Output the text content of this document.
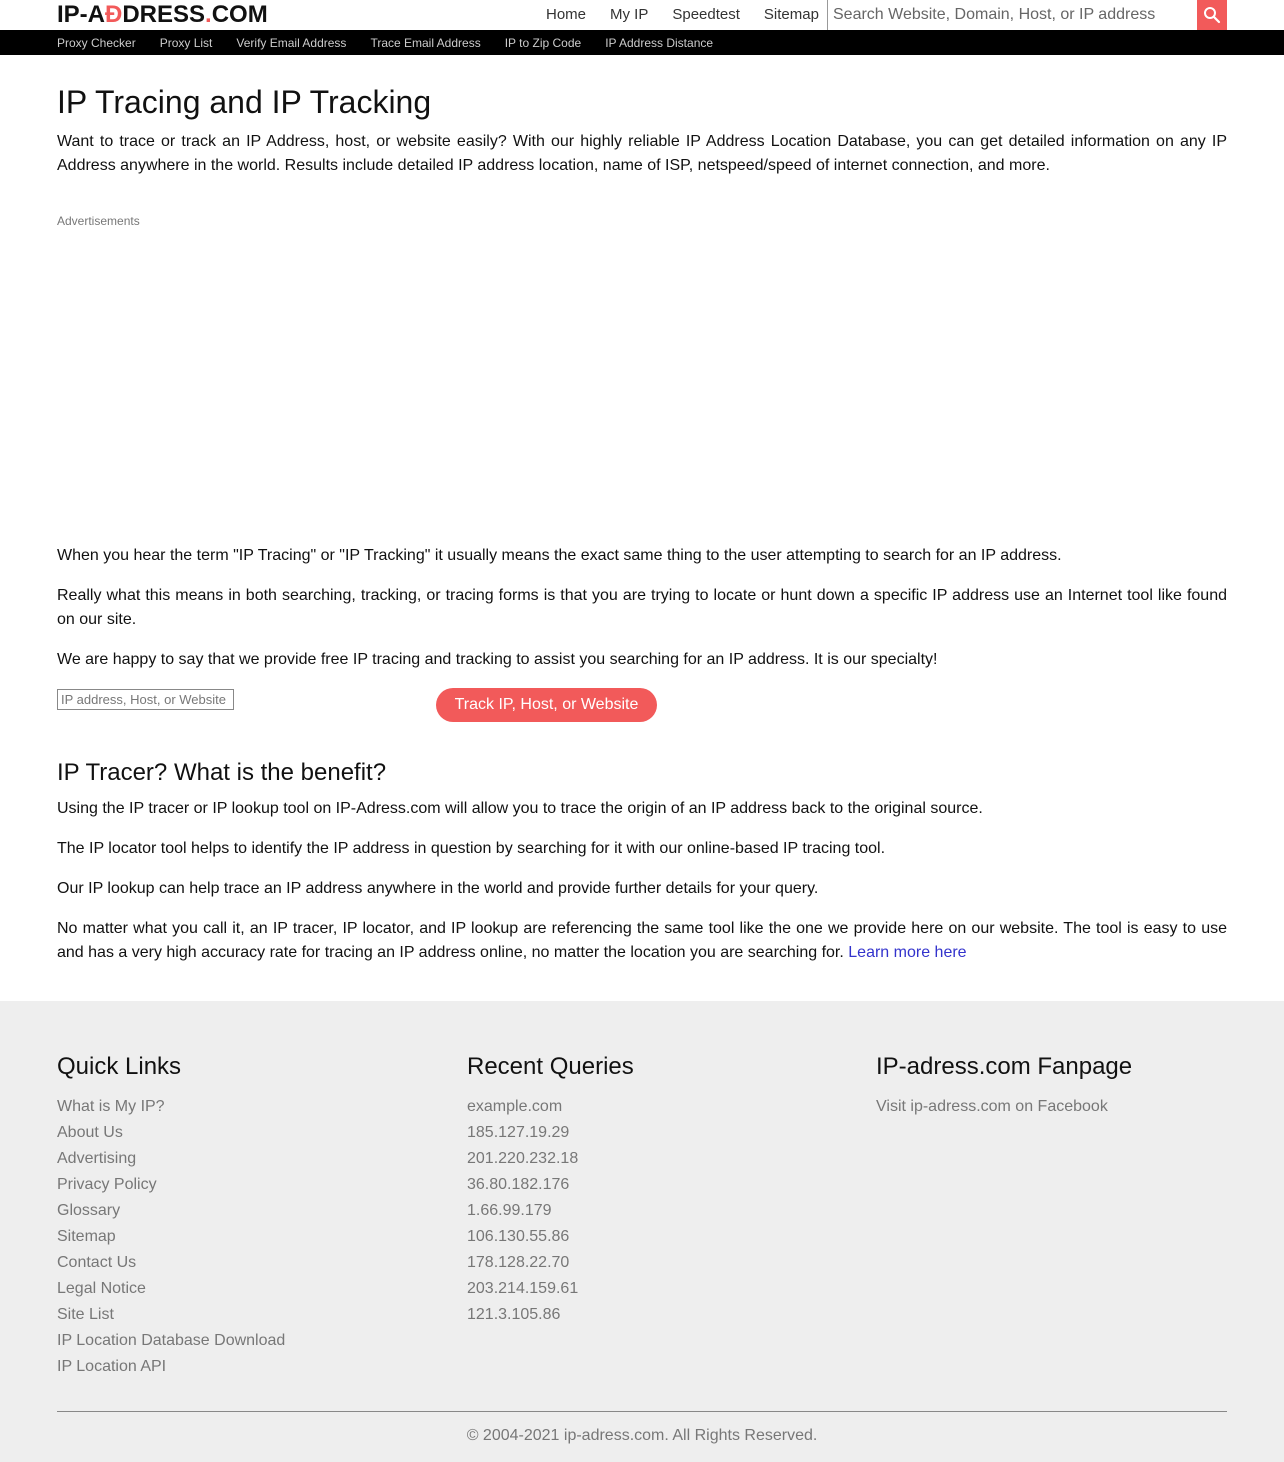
IP-AĐDRESS.COM	Home My IP Speedtest Sitemap
Search Website, Domain, Host, or IP address
Proxy Checker Proxy List Verify Email Address Trace Email Address IP to Zip Code IP Address Distance
IP Tracing and IP Tracking

Want to trace or track an IP Address, host, or website easily? With our highly reliable IP Address Location Database, you can get detailed information on any IP Address anywhere in the world. Results include detailed IP address location, name of ISP, netspeed/speed of internet connection, and more.

Advertisements

When you hear the term "IP Tracing" or "IP Tracking" it usually means the exact same thing to the user attempting to search for an IP address.

Really what this means in both searching, tracking, or tracing forms is that you are trying to locate or hunt down a specific IP address use an Internet tool like found on our site.

We are happy to say that we provide free IP tracing and tracking to assist you searching for an IP address. It is our specialty!

IP address, Host, or Website
Track IP, Host, or Website
IP Tracer? What is the benefit?

Using the IP tracer or IP lookup tool on IP-Adress.com will allow you to trace the origin of an IP address back to the original source.

The IP locator tool helps to identify the IP address in question by searching for it with our online-based IP tracing tool.

Our IP lookup can help trace an IP address anywhere in the world and provide further details for your query.

No matter what you call it, an IP tracer, IP locator, and IP lookup are referencing the same tool like the one we provide here on our website. The tool is easy to use and has a very high accuracy rate for tracing an IP address online, no matter the location you are searching for. Learn more here

Quick Links
What is My IP?
About Us
Advertising
Privacy Policy
Glossary
Sitemap
Contact Us
Legal Notice
Site List
IP Location Database Download
IP Location API
Recent Queries
example.com
185.127.19.29
201.220.232.18
36.80.182.176
1.66.99.179
106.130.55.86
178.128.22.70
203.214.159.61
121.3.105.86
IP-adress.com Fanpage
Visit ip-adress.com on Facebook
© 2004-2021 ip-adress.com. All Rights Reserved.
